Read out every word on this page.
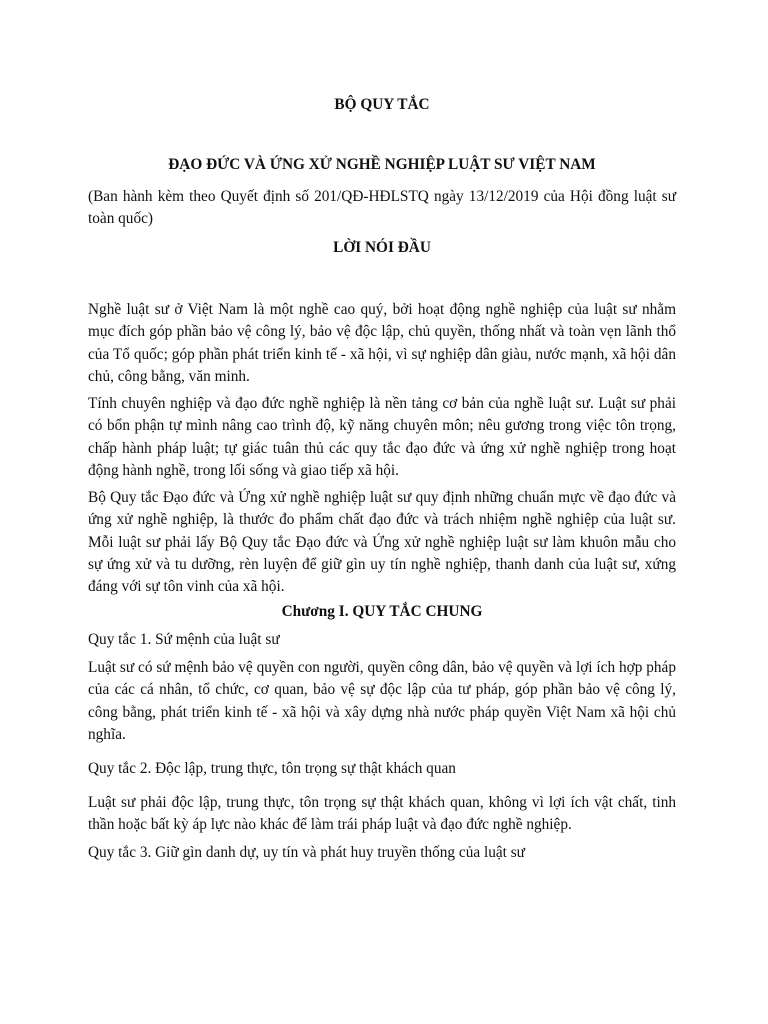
BỘ QUY TẮC

ĐẠO ĐỨC VÀ ỨNG XỬ NGHỀ NGHIỆP LUẬT SƯ VIỆT NAM

(Ban hành kèm theo Quyết định số 201/QĐ-HĐLSTQ ngày 13/12/2019 của Hội đồng luật sư toàn quốc)

LỜI NÓI ĐẦU

Nghề luật sư ở Việt Nam là một nghề cao quý, bởi hoạt động nghề nghiệp của luật sư nhằm mục đích góp phần bảo vệ công lý, bảo vệ độc lập, chủ quyền, thống nhất và toàn vẹn lãnh thổ của Tổ quốc; góp phần phát triển kinh tế - xã hội, vì sự nghiệp dân giàu, nước mạnh, xã hội dân chủ, công bằng, văn minh.

Tính chuyên nghiệp và đạo đức nghề nghiệp là nền tảng cơ bản của nghề luật sư. Luật sư phải có bổn phận tự mình nâng cao trình độ, kỹ năng chuyên môn; nêu gương trong việc tôn trọng, chấp hành pháp luật; tự giác tuân thủ các quy tắc đạo đức và ứng xử nghề nghiệp trong hoạt động hành nghề, trong lối sống và giao tiếp xã hội.

Bộ Quy tắc Đạo đức và Ứng xử nghề nghiệp luật sư quy định những chuẩn mực về đạo đức và ứng xử nghề nghiệp, là thước đo phẩm chất đạo đức và trách nhiệm nghề nghiệp của luật sư. Mỗi luật sư phải lấy Bộ Quy tắc Đạo đức và Ứng xử nghề nghiệp luật sư làm khuôn mẫu cho sự ứng xử và tu dưỡng, rèn luyện để giữ gìn uy tín nghề nghiệp, thanh danh của luật sư, xứng đáng với sự tôn vinh của xã hội.

Chương I. QUY TẮC CHUNG

Quy tắc 1. Sứ mệnh của luật sư

Luật sư có sứ mệnh bảo vệ quyền con người, quyền công dân, bảo vệ quyền và lợi ích hợp pháp của các cá nhân, tổ chức, cơ quan, bảo vệ sự độc lập của tư pháp, góp phần bảo vệ công lý, công bằng, phát triển kinh tế - xã hội và xây dựng nhà nước pháp quyền Việt Nam xã hội chủ nghĩa.

Quy tắc 2. Độc lập, trung thực, tôn trọng sự thật khách quan

Luật sư phải độc lập, trung thực, tôn trọng sự thật khách quan, không vì lợi ích vật chất, tinh thần hoặc bất kỳ áp lực nào khác để làm trái pháp luật và đạo đức nghề nghiệp.

Quy tắc 3. Giữ gìn danh dự, uy tín và phát huy truyền thống của luật sư
